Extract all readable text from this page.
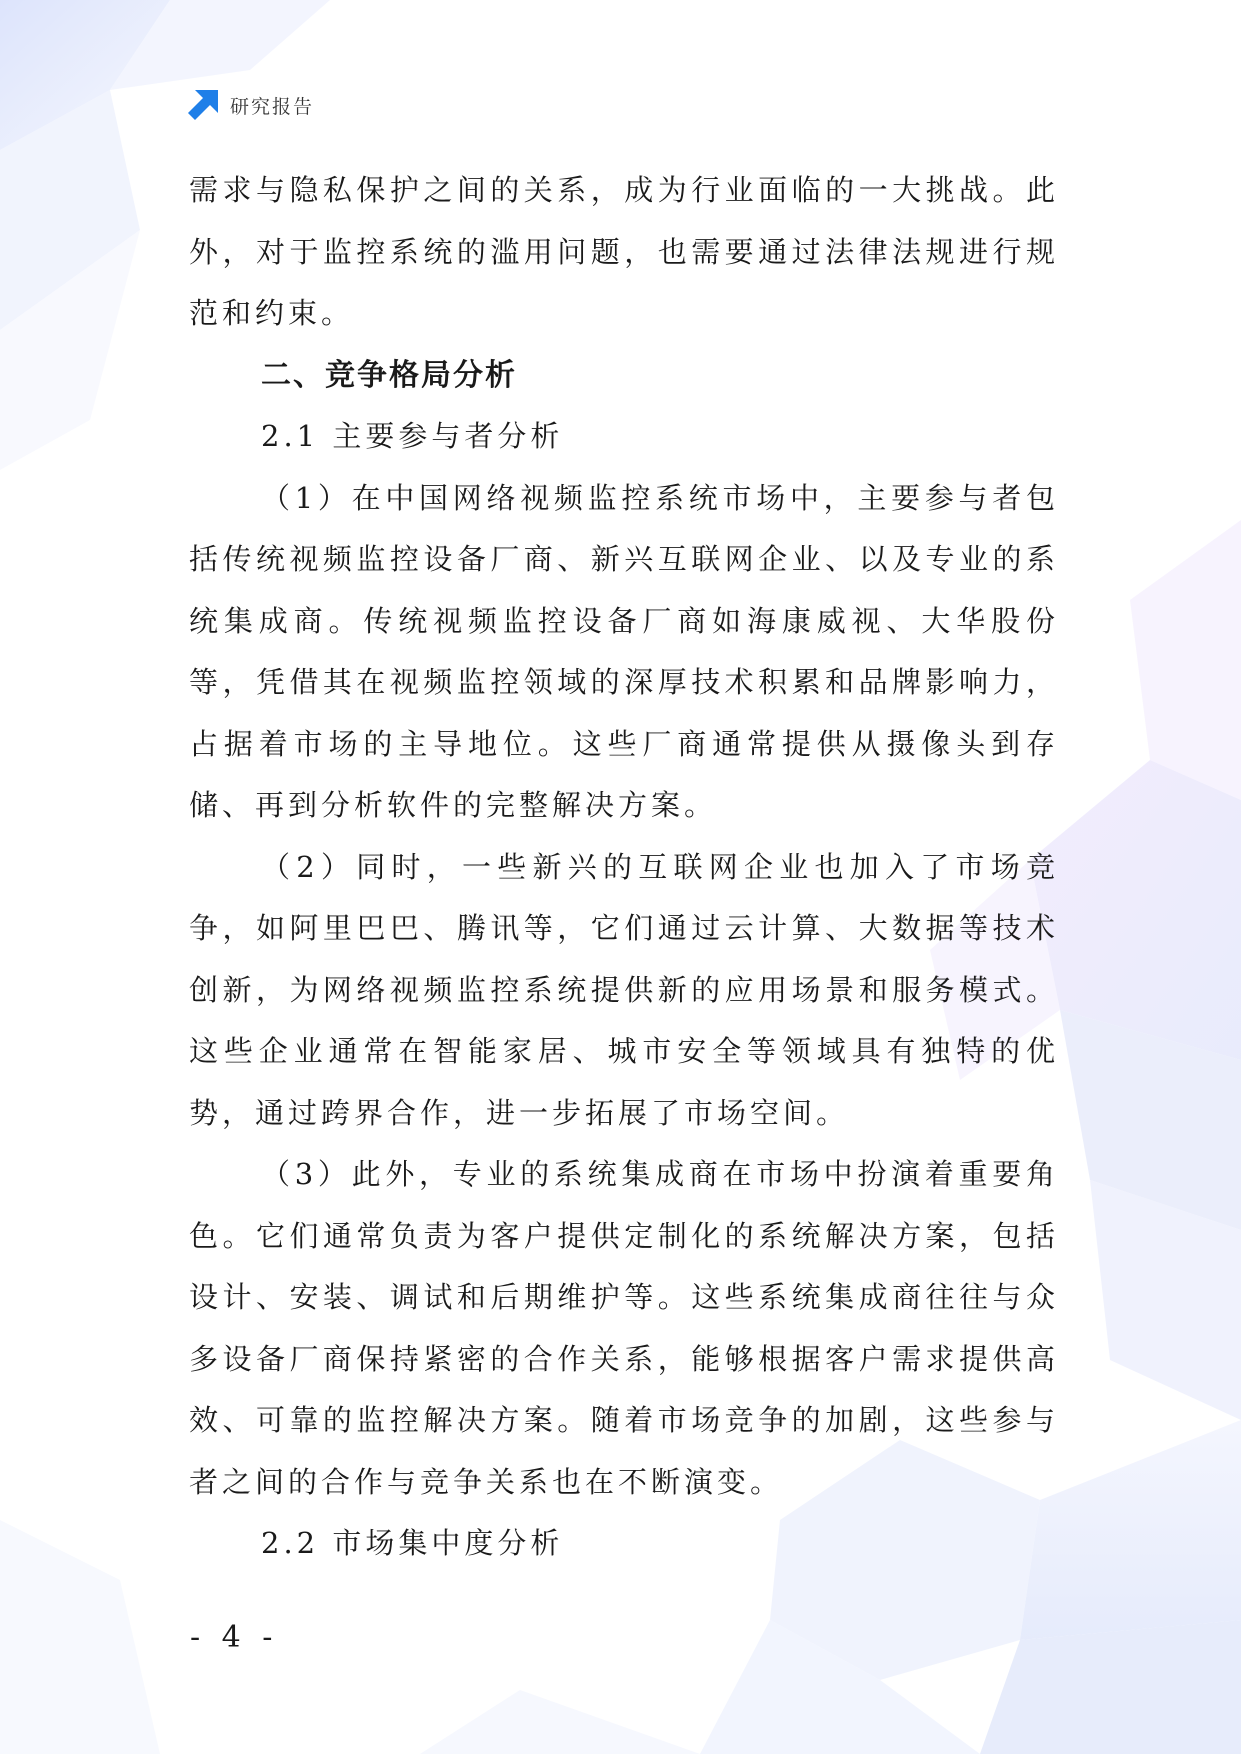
研究报告

需求与隐私保护之间的关系，成为行业面临的一大挑战。此外，对于监控系统的滥用问题，也需要通过法律法规进行规范和约束。

二、竞争格局分析

2.1 主要参与者分析

（1）在中国网络视频监控系统市场中，主要参与者包括传统视频监控设备厂商、新兴互联网企业、以及专业的系统集成商。传统视频监控设备厂商如海康威视、大华股份等，凭借其在视频监控领域的深厚技术积累和品牌影响力，占据着市场的主导地位。这些厂商通常提供从摄像头到存储、再到分析软件的完整解决方案。

（2）同时，一些新兴的互联网企业也加入了市场竞争，如阿里巴巴、腾讯等，它们通过云计算、大数据等技术创新，为网络视频监控系统提供新的应用场景和服务模式。这些企业通常在智能家居、城市安全等领域具有独特的优势，通过跨界合作，进一步拓展了市场空间。

（3）此外，专业的系统集成商在市场中扮演着重要角色。它们通常负责为客户提供定制化的系统解决方案，包括设计、安装、调试和后期维护等。这些系统集成商往往与众多设备厂商保持紧密的合作关系，能够根据客户需求提供高效、可靠的监控解决方案。随着市场竞争的加剧，这些参与者之间的合作与竞争关系也在不断演变。

2.2 市场集中度分析

- 4 -
